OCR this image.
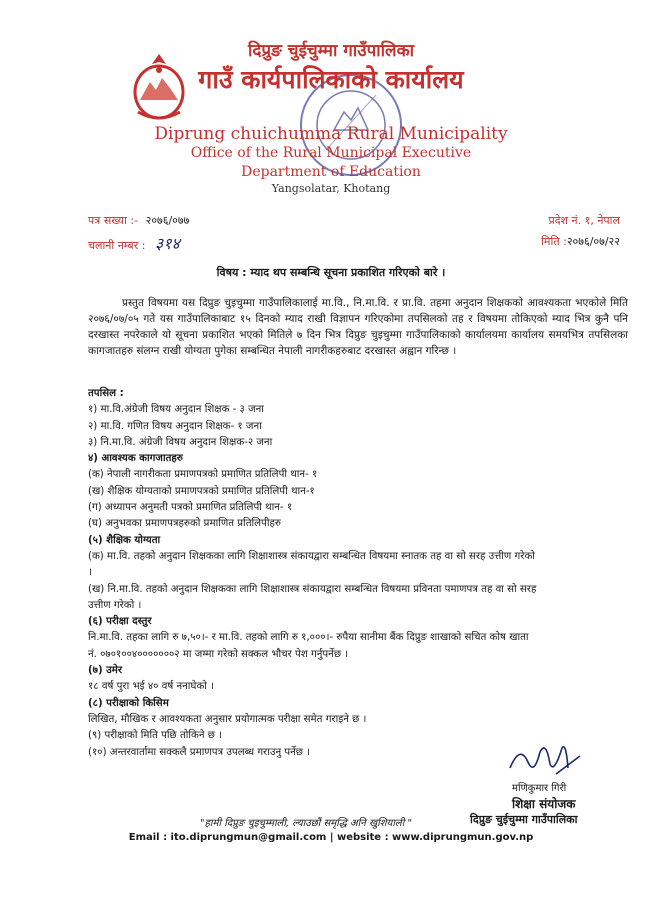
दिप्रुङ चुईचुम्मा गाउँपालिका
गाउँ कार्यपालिकाको कार्यालय
Diprung chuichumma Rural Municipality
Office of the Rural Municipal Executive
Department of Education
Yangsolatar, Khotang
पत्र सख्या :- २०७६/०७७
चलानी नम्बर : ३१४
प्रदेश नं. १, नेपाल
मिति :२०७६/०७/२२
विषय : म्याद थप सम्बन्धि सूचना प्रकाशित गरिएको बारे ।

प्रस्तुत विषयमा यस दिप्रुङ चुइचुम्मा गाउँपालिकालाई मा.वि., नि.मा.वि. र प्रा.वि. तहमा अनुदान शिक्षकको आवश्यकता भएकोले मिति २०७६/०७/०५ गते यस गाउँपालिकाबाट १५ दिनको म्याद राखी विज्ञापन गरिएकोमा तपसिलको तह र विषयमा तोकिएको म्याद भित्र कुनै पनि दरखास्त नपरेकाले यो सूचना प्रकाशित भएको मितिले ७ दिन भित्र दिप्रुङ चुइचुम्मा गाउँपालिकाको कार्यालयमा कार्यालय समयभित्र तपसिलका कागजातहरु संलग्न राखी योग्यता पुगेका सम्बन्धित नेपाली नागरीकहरुबाट दरखास्त अह्वान गरिन्छ ।

तपसिल :
१) मा.वि.अंग्रेजी विषय अनुदान शिक्षक - ३ जना
२) मा.वि. गणित विषय अनुदान शिक्षक- १ जना
३) नि.मा.वि. अंग्रेजी विषय अनुदान शिक्षक-२ जना
४) आवश्यक कागजातहरु
(क) नेपाली नागरीकता प्रमाणपत्रको प्रमाणित प्रतिलिपी थान- १
(ख) शैक्षिक योग्यताको प्रमाणपत्रको प्रमाणित प्रतिलिपी थान-१
(ग) अध्यापन अनुमती पत्रको प्रमाणित प्रतिलिपी थान- १
(घ) अनुभवका प्रमाणपत्रहरुको प्रमाणित प्रतिलिपीहरु
(५) शैक्षिक योग्यता
(क) मा.वि. तहको अनुदान शिक्षकका लागि शिक्षाशास्त्र संकायद्वारा सम्बन्धित विषयमा स्नातक तह वा सो सरह उत्तीण गरेको
।
(ख) नि.मा.वि. तहको अनुदान शिक्षकका लागि शिक्षाशास्त्र संकायद्वारा सम्बन्धित विषयमा प्रविनता पमाणपत्र तह वा सो सरह
उत्तीण गरेको ।
(६) परीक्षा दस्तुर
नि.मा.वि. तहका लागि रु ७,५०।- र मा.वि. तहको लागि रु १,०००।- रुपैया सानीमा बैंक दिप्रुङ शाखाको सचित कोष खाता
नं. ०७०१००४०००००००२ मा जम्मा गरेको सक्कल भौचर पेश गर्नुपर्नेछ ।
(७) उमेर
१८ वर्ष पुरा भई ४० वर्ष ननाघेको ।
(८) परीक्षाको किसिम
लिखित, मौखिक र आवश्यकता अनुसार प्रयोगात्मक परीक्षा समेत गराइने छ ।
(९) परीक्षाको मिति पछि तोकिने छ ।
(१०) अन्तरवार्तामा सक्कलै प्रमाणपत्र उपलब्ध गराउनु पर्नेछ ।
मणिकुमार गिरी
शिक्षा संयोजक
दिप्रुङ चुईचुम्मा गाउँपालिका
"हामी दिप्रुङ चुइचुम्माली, ल्याउछौं समृद्धि अनि खुशियाली "
Email : ito.diprungmun@gmail.com | website : www.diprungmun.gov.np
